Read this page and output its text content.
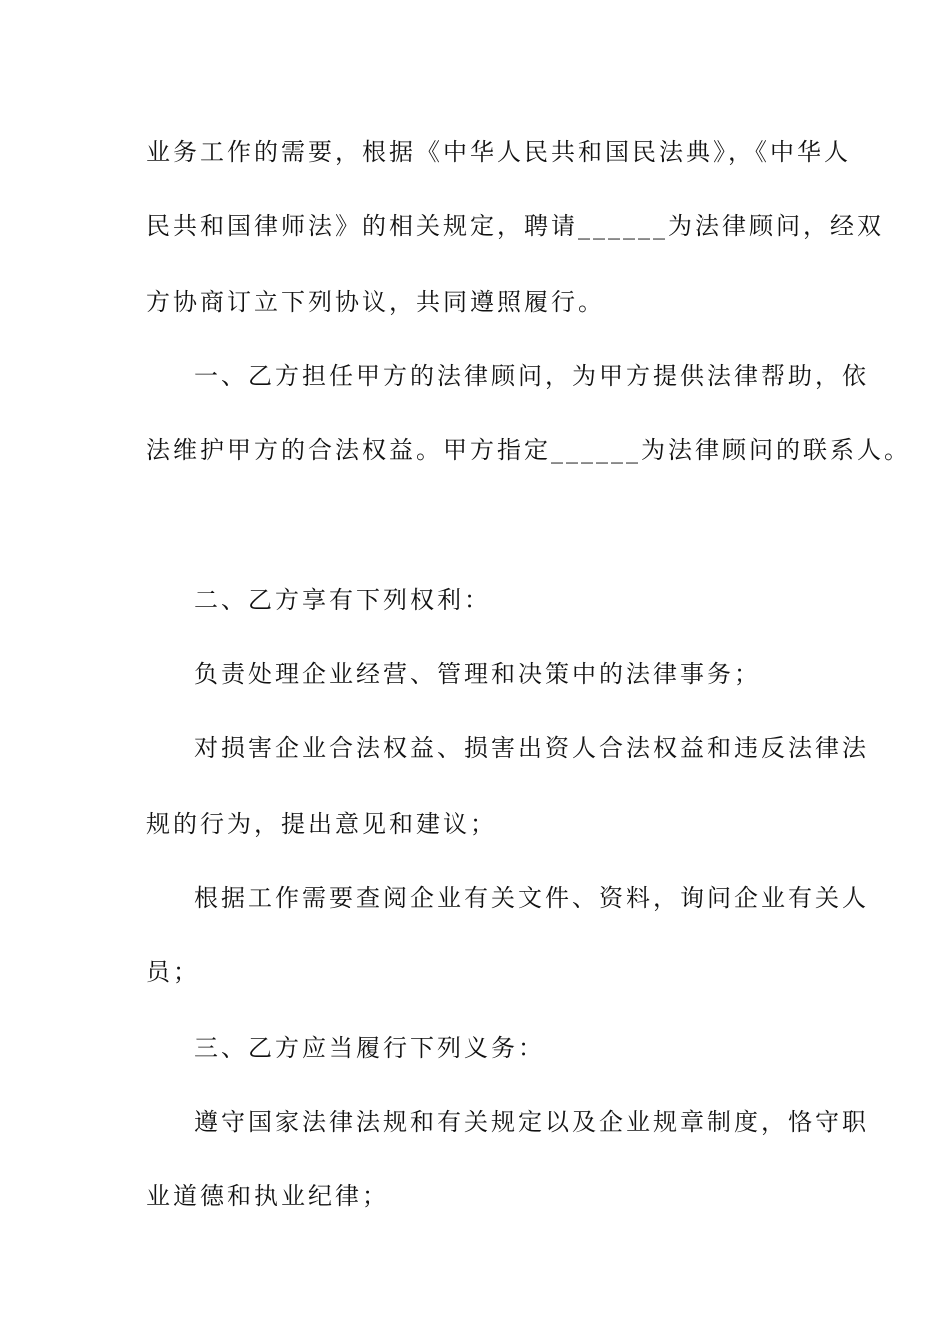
业务工作的需要，根据《中华人民共和国民法典》，《中华人
民共和国律师法》的相关规定，聘请______为法律顾问，经双
方协商订立下列协议，共同遵照履行。
一、乙方担任甲方的法律顾问，为甲方提供法律帮助，依
法维护甲方的合法权益。甲方指定______为法律顾问的联系人。
二、乙方享有下列权利：
负责处理企业经营、管理和决策中的法律事务；
对损害企业合法权益、损害出资人合法权益和违反法律法
规的行为，提出意见和建议；
根据工作需要查阅企业有关文件、资料，询问企业有关人
员；
三、乙方应当履行下列义务：
遵守国家法律法规和有关规定以及企业规章制度，恪守职
业道德和执业纪律；
